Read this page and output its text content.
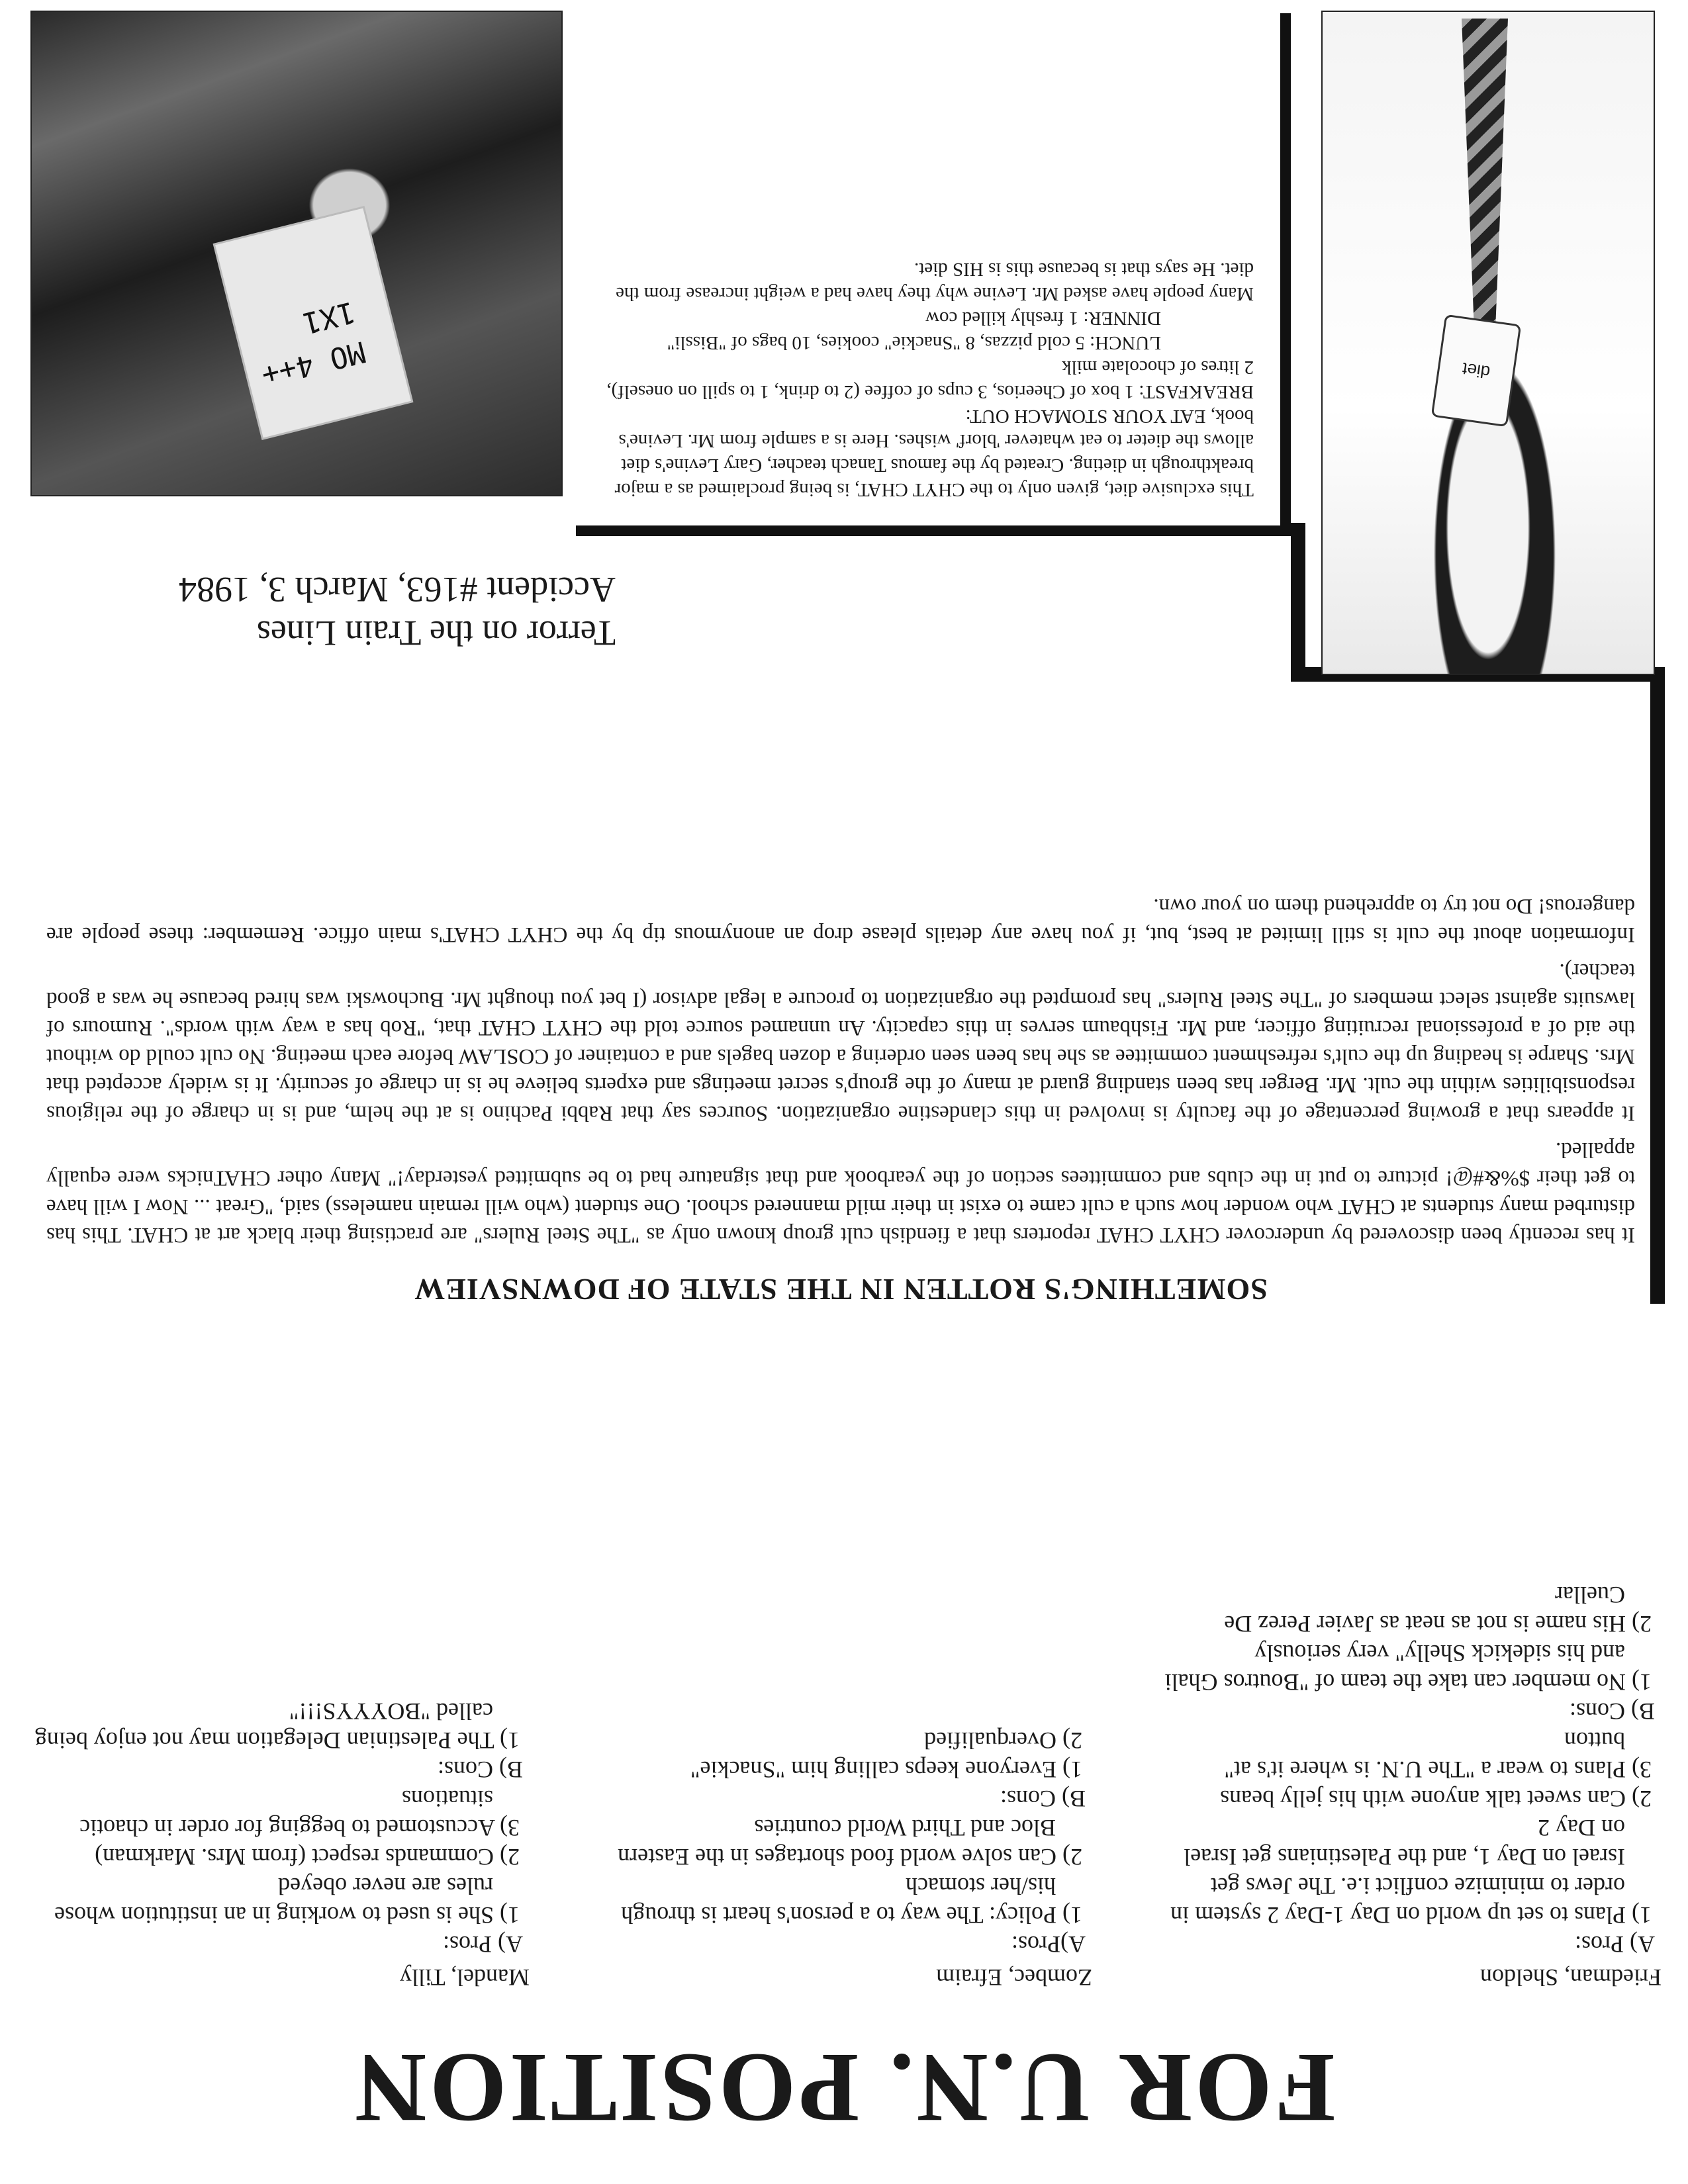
FOR U.N. POSITION
Friedman, Sheldon
A) Pros:
1) Plans to set up world on Day 1-Day 2 system in order to minimize conflict i.e. The Jews get Israel on Day 1, and the Palestinians get Israel on Day 2
2) Can sweet talk anyone with his jelly beans
3) Plans to wear a "The U.N. is where it's at" button
B) Cons:
1) No member can take the team of "Boutros Ghali and his sidekick Shelly" very seriously
2) His name is not as neat as Javier Perez De Cuellar
Zombec, Efraim
A)Pros:
1) Policy: The way to a person's heart is through his/her stomach
2) Can solve world food shortages in the Eastern Bloc and Third World countries
B) Cons:
1) Everyone keeps calling him "Snackie"
2) Overqualified
Mandel, Tilly
A) Pros:
1) She is used to working in an institution whose rules are never obeyed
2) Commands respect (from Mrs. Markman)
3) Accustomed to begging for order in chaotic situations
B) Cons:
1) The Palestinian Delegation may not enjoy being called "BOYYYS!!!"
SOMETHING'S ROTTEN IN THE STATE OF DOWNSVIEW

It has recently been discovered by undercover CHYT CHAT reporters that a fiendish cult group known only as "The Steel Rulers" are practising their black art at CHAT. This has disturbed many students at CHAT who wonder how such a cult came to exist in their mild mannered school. One student (who will remain nameless) said, "Great ... Now I will have to get their $%&#@! picture to put in the clubs and committees section of the yearbook and that signature had to be submitted yesterday!" Many other CHATnicks were equally appalled.

It appears that a growing percentage of the faculty is involved in this clandestine organization. Sources say that Rabbi Pachino is at the helm, and is in charge of the religious responsibilities within the cult. Mr. Berger has been standing guard at many of the group's secret meetings and experts believe he is in charge of security. It is widely accepted that Mrs. Sharpe is heading up the cult's refreshment committee as she has been seen ordering a dozen bagels and a container of COSLAW before each meeting. No cult could do without the aid of a professional recruiting officer, and Mr. Fishbaum serves in this capacity. An unnamed source told the CHYT CHAT that, "Rob has a way with words". Rumours of lawsuits against select members of "The Steel Rulers" has prompted the organization to procure a legal advisor (I bet you thought Mr. Buchowski was hired because he was a good teacher).

Information about the cult is still limited at best, but, if you have any details please drop an anonymous tip by the CHYT CHAT's main office. Remember: these people are dangerous! Do not try to apprehend them on your own.

Terror on the Train Lines
Accident #163, March 3, 1984
MO 4++ 1X1

This exclusive diet, given only to the CHYT CHAT, is being proclaimed as a major breakthrough in dieting. Created by the famous Tanach teacher, Gary Levine's diet allows the dieter to eat whatever 'blorf' wishes. Here is a sample from Mr. Levine's book, EAT YOUR STOMACH OUT:

BREAKFAST: 1 box of Cheerios, 3 cups of coffee (2 to drink, 1 to spill on oneself), 2 litres of chocolate milk
LUNCH: 5 cold pizzas, 8 "Snackie" cookies, 10 bags of "Bissli"
DINNER: 1 freshly killed cow

Many people have asked Mr. Levine why they have had a weight increase from the diet. He says that is because this is HIS diet.

diet
